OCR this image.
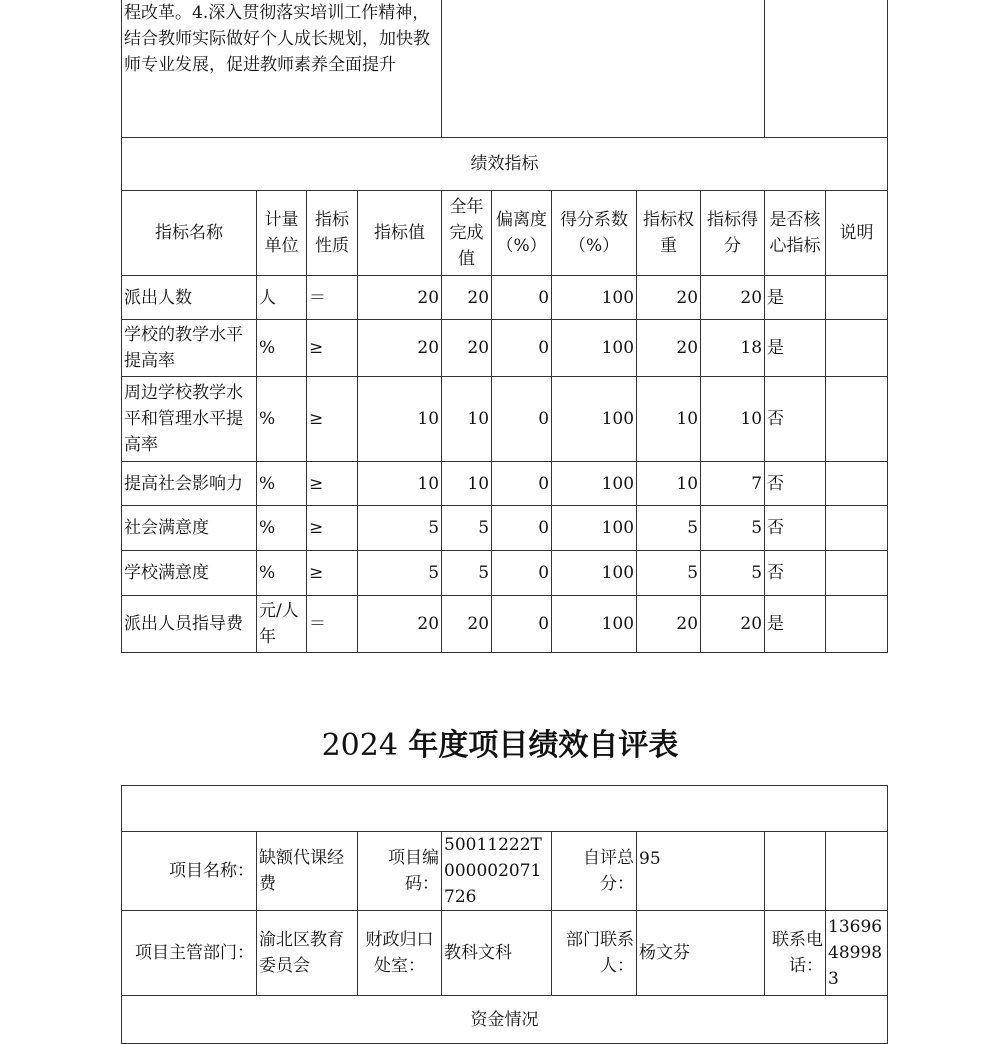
程改革。4.深入贯彻落实培训工作精神，结合教师实际做好个人成长规划，加快教师专业发展，促进教师素养全面提升										
绩效指标										
指标名称	计量单位	指标性质	指标值	全年完成值	偏离度（%）	得分系数（%）	指标权重	指标得分	是否核心指标	说明
派出人数	人	＝	20	20	0	100	20	20	是	
学校的教学水平提高率	%	≥	20	20	0	100	20	18	是	
周边学校教学水平和管理水平提高率	%	≥	10	10	0	100	10	10	否	
提高社会影响力	%	≥	10	10	0	100	10	7	否	
社会满意度	%	≥	5	5	0	100	5	5	否	
学校满意度	%	≥	5	5	0	100	5	5	否	
派出人员指导费	元/人年	＝	20	20	0	100	20	20	是	
2024 年度项目绩效自评表

项目名称：	缺额代课经费	项目编码：	50011222T000002071726	自评总分：	95		
项目主管部门：	渝北区教育委员会	财政归口处室：	教科文科	部门联系人：	杨文芬	联系电话：	13696489983
资金情况							
